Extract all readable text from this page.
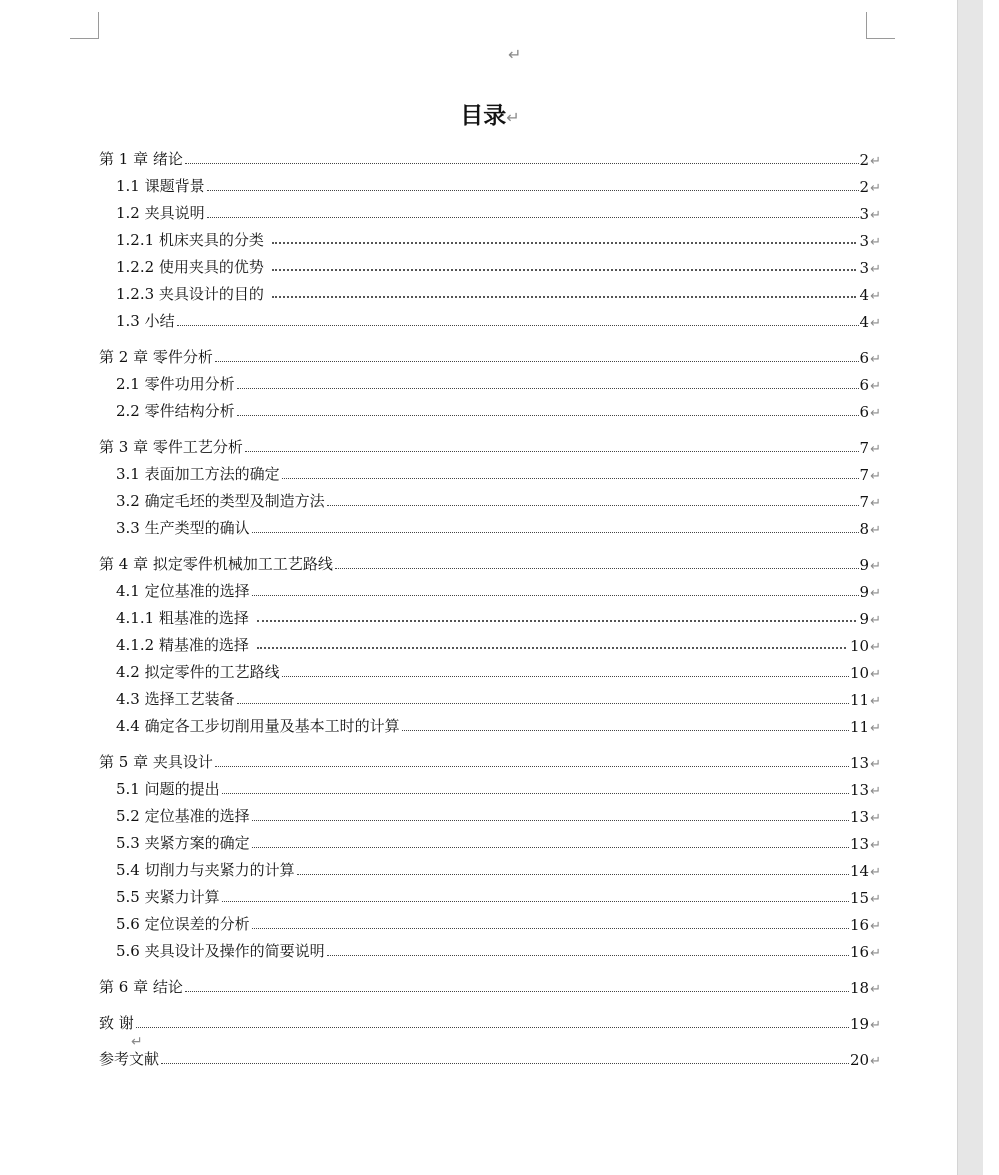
↵
目录↵
第 1 章 绪论	2 ↵
1.1 课题背景	2 ↵
1.2 夹具说明	3 ↵
1.2.1 机床夹具的分类	3 ↵
1.2.2 使用夹具的优势	3 ↵
1.2.3 夹具设计的目的	4 ↵
1.3 小结	4 ↵
第 2 章 零件分析	6 ↵
2.1 零件功用分析	6 ↵
2.2 零件结构分析	6 ↵
第 3 章 零件工艺分析	7 ↵
3.1 表面加工方法的确定	7 ↵
3.2 确定毛坯的类型及制造方法	7 ↵
3.3 生产类型的确认	8 ↵
第 4 章 拟定零件机械加工工艺路线	9 ↵
4.1 定位基准的选择	9 ↵
4.1.1 粗基准的选择	9 ↵
4.1.2 精基准的选择	10 ↵
4.2 拟定零件的工艺路线	10 ↵
4.3 选择工艺装备	11 ↵
4.4 确定各工步切削用量及基本工时的计算	11 ↵
第 5 章 夹具设计	13 ↵
5.1 问题的提出	13 ↵
5.2 定位基准的选择	13 ↵
5.3 夹紧方案的确定	13 ↵
5.4 切削力与夹紧力的计算	14 ↵
5.5 夹紧力计算	15 ↵
5.6 定位误差的分析	16 ↵
5.6 夹具设计及操作的简要说明	16 ↵
第 6 章 结论	18 ↵
致 谢	19 ↵
参考文献	20 ↵
↵
